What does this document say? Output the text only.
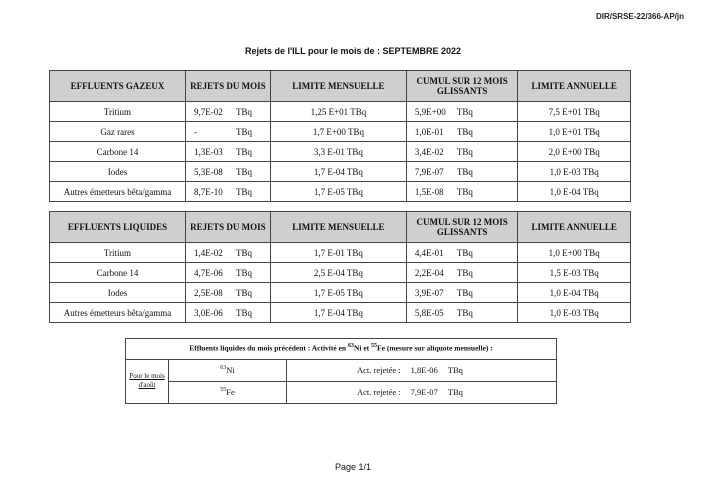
DIR/SRSE-22/366-AP/jn
Rejets de l'ILL pour le mois de : SEPTEMBRE 2022
EFFLUENTS GAZEUX	REJETS DU MOIS	LIMITE MENSUELLE	CUMUL SUR 12 MOIS GLISSANTS	LIMITE ANNUELLE
Tritium	9,7E-02 TBq	1,25 E+01 TBq	5,9E+00 TBq	7,5 E+01 TBq
Gaz rares	- TBq	1,7 E+00 TBq	1,0E-01 TBq	1,0 E+01 TBq
Carbone 14	1,3E-03 TBq	3,3 E-01 TBq	3,4E-02 TBq	2,0 E+00 TBq
Iodes	5,3E-08 TBq	1,7 E-04 TBq	7,9E-07 TBq	1,0 E-03 TBq
Autres émetteurs bêta/gamma	8,7E-10 TBq	1,7 E-05 TBq	1,5E-08 TBq	1,0 E-04 TBq
EFFLUENTS LIQUIDES	REJETS DU MOIS	LIMITE MENSUELLE	CUMUL SUR 12 MOIS GLISSANTS	LIMITE ANNUELLE
Tritium	1,4E-02 TBq	1,7 E-01 TBq	4,4E-01 TBq	1,0 E+00 TBq
Carbone 14	4,7E-06 TBq	2,5 E-04 TBq	2,2E-04 TBq	1,5 E-03 TBq
Iodes	2,5E-08 TBq	1,7 E-05 TBq	3,9E-07 TBq	1,0 E-04 TBq
Autres émetteurs bêta/gamma	3,0E-06 TBq	1,7 E-04 TBq	5,8E-05 TBq	1,0 E-03 TBq
Effluents liquides du mois précédent : Activité en $^{63}$Ni et $^{55}$Fe (mesure sur aliquote mensuelle) :
Pour le mois d'août	$^{63}$Ni	Act. rejetée : 1,8E-06 TBq
	$^{55}$Fe	Act. rejetée : 7,9E-07 TBq
Page 1/1
